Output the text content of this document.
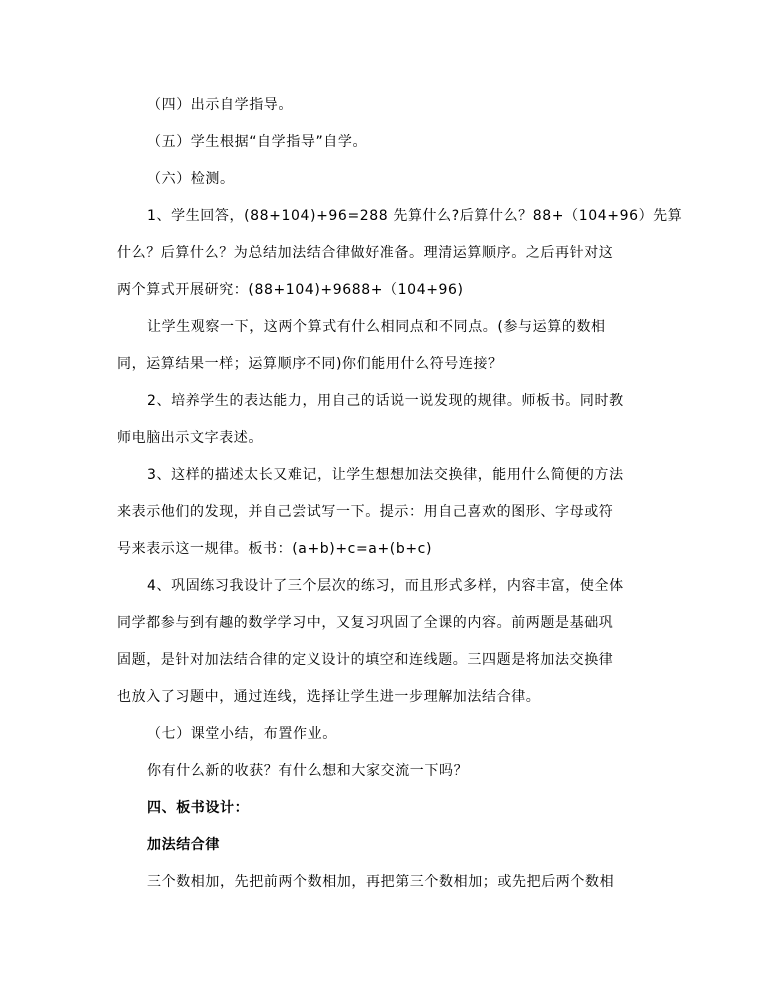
（四）出示自学指导。
（五）学生根据“自学指导”自学。
（六）检测。
1、学生回答，(88+104)+96=288 先算什么?后算什么？88+（104+96）先算
什么？后算什么？为总结加法结合律做好准备。理清运算顺序。之后再针对这
两个算式开展研究：(88+104)+9688+（104+96)
让学生观察一下，这两个算式有什么相同点和不同点。(参与运算的数相
同，运算结果一样；运算顺序不同)你们能用什么符号连接？
2、培养学生的表达能力，用自己的话说一说发现的规律。师板书。同时教
师电脑出示文字表述。
3、这样的描述太长又难记，让学生想想加法交换律，能用什么简便的方法
来表示他们的发现，并自己尝试写一下。提示：用自己喜欢的图形、字母或符
号来表示这一规律。板书：(a+b)+c=a+(b+c)
4、巩固练习我设计了三个层次的练习，而且形式多样，内容丰富，使全体
同学都参与到有趣的数学学习中，又复习巩固了全课的内容。前两题是基础巩
固题，是针对加法结合律的定义设计的填空和连线题。三四题是将加法交换律
也放入了习题中，通过连线，选择让学生进一步理解加法结合律。
（七）课堂小结，布置作业。
你有什么新的收获？有什么想和大家交流一下吗？
四、板书设计：
加法结合律
三个数相加，先把前两个数相加，再把第三个数相加；或先把后两个数相
